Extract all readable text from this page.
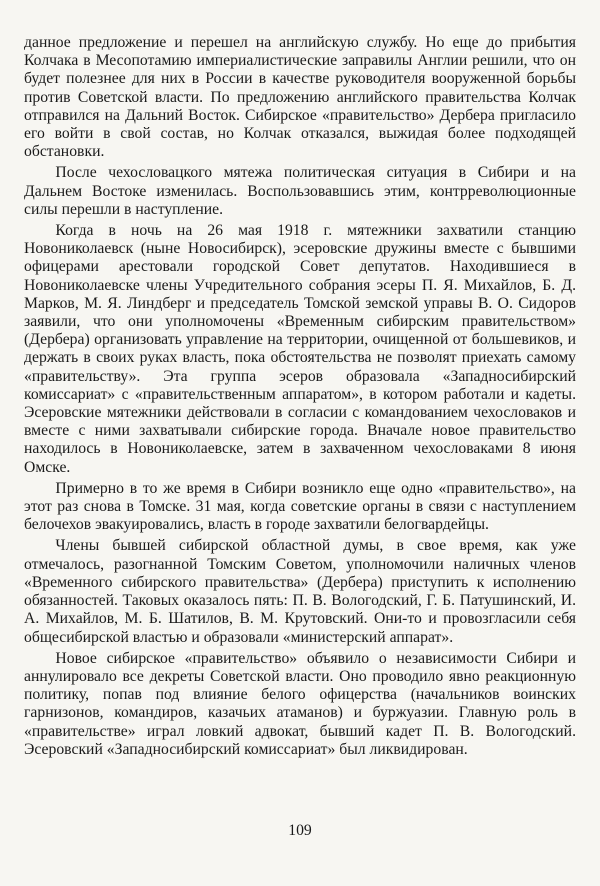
данное предложение и перешел на английскую службу. Но еще до прибытия Колчака в Месопотамию империалистические заправилы Англии решили, что он будет полезнее для них в России в качестве руководителя вооруженной борьбы против Советской власти. По предложению английского правительства Колчак отправился на Дальний Восток. Сибирское «правительство» Дербера пригласило его войти в свой состав, но Колчак отказался, выжидая более подходящей обстановки.

После чехословацкого мятежа политическая ситуация в Сибири и на Дальнем Востоке изменилась. Воспользовавшись этим, контрреволюционные силы перешли в наступление.

Когда в ночь на 26 мая 1918 г. мятежники захватили станцию Новониколаевск (ныне Новосибирск), эсеровские дружины вместе с бывшими офицерами арестовали городской Совет депутатов. Находившиеся в Новониколаевске члены Учредительного собрания эсеры П. Я. Михайлов, Б. Д. Марков, М. Я. Линдберг и председатель Томской земской управы В. О. Сидоров заявили, что они уполномочены «Временным сибирским правительством» (Дербера) организовать управление на территории, очищенной от большевиков, и держать в своих руках власть, пока обстоятельства не позволят приехать самому «правительству». Эта группа эсеров образовала «Западносибирский комиссариат» с «правительственным аппаратом», в котором работали и кадеты. Эсеровские мятежники действовали в согласии с командованием чехословаков и вместе с ними захватывали сибирские города. Вначале новое правительство находилось в Новониколаевске, затем в захваченном чехословаками 8 июня Омске.

Примерно в то же время в Сибири возникло еще одно «правительство», на этот раз снова в Томске. 31 мая, когда советские органы в связи с наступлением белочехов эвакуировались, власть в городе захватили белогвардейцы.

Члены бывшей сибирской областной думы, в свое время, как уже отмечалось, разогнанной Томским Советом, уполномочили наличных членов «Временного сибирского правительства» (Дербера) приступить к исполнению обязанностей. Таковых оказалось пять: П. В. Вологодский, Г. Б. Патушинский, И. А. Михайлов, М. Б. Шатилов, В. М. Крутовский. Они-то и провозгласили себя общесибирской властью и образовали «министерский аппарат».

Новое сибирское «правительство» объявило о независимости Сибири и аннулировало все декреты Советской власти. Оно проводило явно реакционную политику, попав под влияние белого офицерства (начальников воинских гарнизонов, командиров, казачьих атаманов) и буржуазии. Главную роль в «правительстве» играл ловкий адвокат, бывший кадет П. В. Вологодский. Эсеровский «Западносибирский комиссариат» был ликвидирован.

109
